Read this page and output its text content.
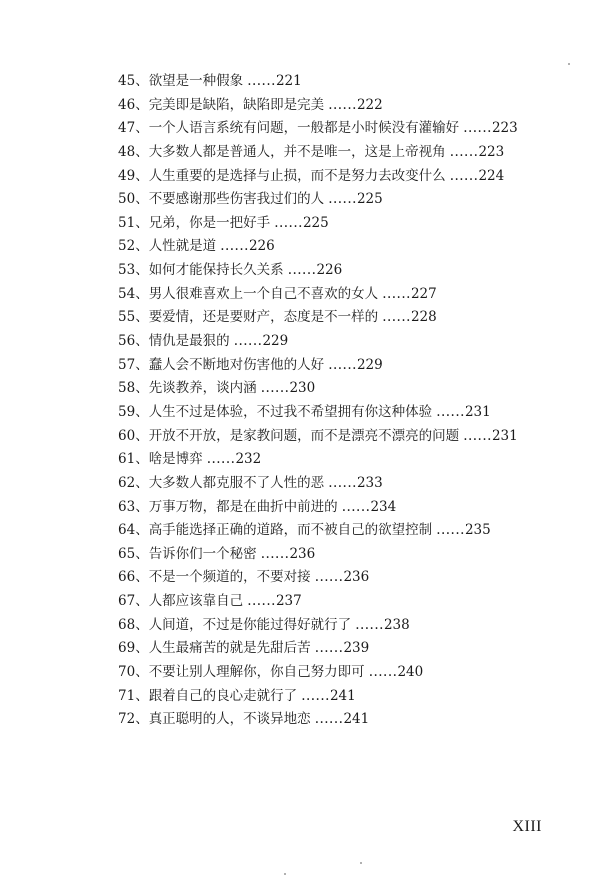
45、欲望是一种假象 ......221
46、完美即是缺陷，缺陷即是完美 ......222
47、一个人语言系统有问题，一般都是小时候没有灌输好 ......223
48、大多数人都是普通人，并不是唯一，这是上帝视角 ......223
49、人生重要的是选择与止损，而不是努力去改变什么 ......224
50、不要感谢那些伤害我过们的人 ......225
51、兄弟，你是一把好手 ......225
52、人性就是道 ......226
53、如何才能保持长久关系 ......226
54、男人很难喜欢上一个自己不喜欢的女人 ......227
55、要爱情，还是要财产，态度是不一样的 ......228
56、情仇是最狠的 ......229
57、蠢人会不断地对伤害他的人好 ......229
58、先谈教养，谈内涵 ......230
59、人生不过是体验，不过我不希望拥有你这种体验 ......231
60、开放不开放，是家教问题，而不是漂亮不漂亮的问题 ......231
61、啥是博弈 ......232
62、大多数人都克服不了人性的恶 ......233
63、万事万物，都是在曲折中前进的 ......234
64、高手能选择正确的道路，而不被自己的欲望控制 ......235
65、告诉你们一个秘密 ......236
66、不是一个频道的，不要对接 ......236
67、人都应该靠自己 ......237
68、人间道，不过是你能过得好就行了 ......238
69、人生最痛苦的就是先甜后苦 ......239
70、不要让别人理解你，你自己努力即可 ......240
71、跟着自己的良心走就行了 ......241
72、真正聪明的人，不谈异地恋 ......241
XIII
